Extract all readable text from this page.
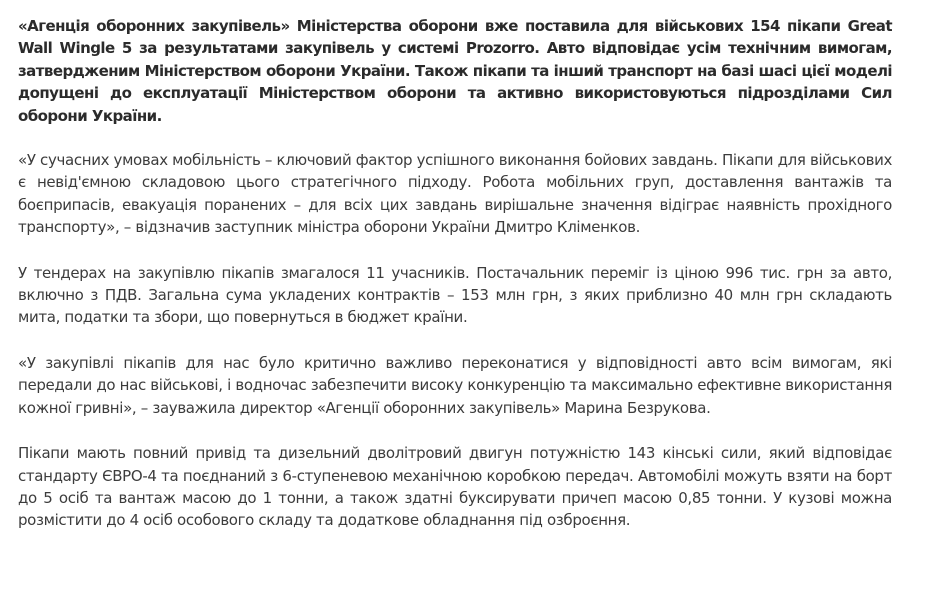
«Агенція оборонних закупівель» Міністерства оборони вже поставила для військових 154 пікапи Great Wall Wingle 5 за результатами закупівель у системі Prozorro. Авто відповідає усім технічним вимогам, затвердженим Міністерством оборони України. Також пікапи та інший транспорт на базі шасі цієї моделі допущені до експлуатації Міністерством оборони та активно використовуються підрозділами Сил оборони України.

«У сучасних умовах мобільність – ключовий фактор успішного виконання бойових завдань. Пікапи для військових є невід'ємною складовою цього стратегічного підходу. Робота мобільних груп, доставлення вантажів та боєприпасів, евакуація поранених – для всіх цих завдань вирішальне значення відіграє наявність прохідного транспорту», – відзначив заступник міністра оборони України Дмитро Кліменков.

У тендерах на закупівлю пікапів змагалося 11 учасників. Постачальник переміг із ціною 996 тис. грн за авто, включно з ПДВ. Загальна сума укладених контрактів – 153 млн грн, з яких приблизно 40 млн грн складають мита, податки та збори, що повернуться в бюджет країни.

«У закупівлі пікапів для нас було критично важливо переконатися у відповідності авто всім вимогам, які передали до нас військові, і водночас забезпечити високу конкуренцію та максимально ефективне використання кожної гривні», – зауважила директор «Агенції оборонних закупівель» Марина Безрукова.

Пікапи мають повний привід та дизельний дволітровий двигун потужністю 143 кінські сили, який відповідає стандарту ЄВРО-4 та поєднаний з 6-ступеневою механічною коробкою передач. Автомобілі можуть взяти на борт до 5 осіб та вантаж масою до 1 тонни, а також здатні буксирувати причеп масою 0,85 тонни. У кузові можна розмістити до 4 осіб особового складу та додаткове обладнання під озброєння.
